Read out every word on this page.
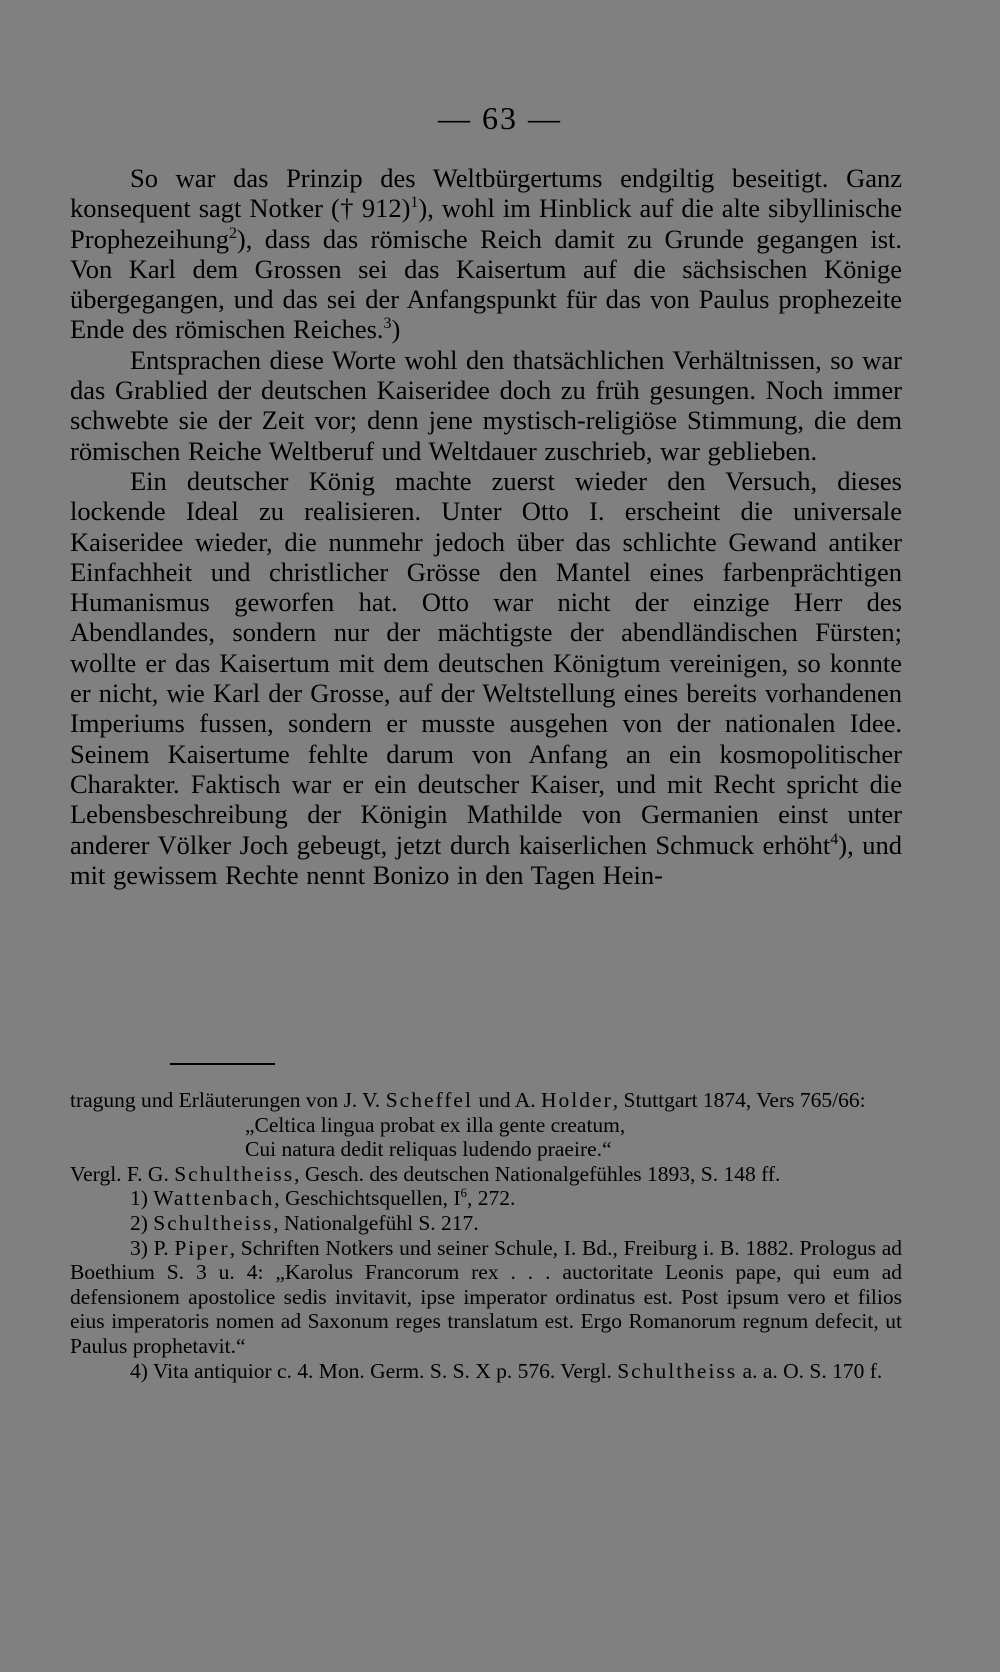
— 63 —

So war das Prinzip des Weltbürgertums endgiltig beseitigt. Ganz konsequent sagt Notker († 912)$^1$), wohl im Hinblick auf die alte sibyllinische Prophezeihung$^2$), dass das römische Reich damit zu Grunde gegangen ist. Von Karl dem Grossen sei das Kaisertum auf die sächsischen Könige übergegangen, und das sei der Anfangspunkt für das von Paulus prophezeite Ende des römischen Reiches.$^3$)

Entsprachen diese Worte wohl den thatsächlichen Verhältnissen, so war das Grablied der deutschen Kaiseridee doch zu früh gesungen. Noch immer schwebte sie der Zeit vor; denn jene mystisch-religiöse Stimmung, die dem römischen Reiche Weltberuf und Weltdauer zuschrieb, war geblieben.

Ein deutscher König machte zuerst wieder den Versuch, dieses lockende Ideal zu realisieren. Unter Otto I. erscheint die universale Kaiseridee wieder, die nunmehr jedoch über das schlichte Gewand antiker Einfachheit und christlicher Grösse den Mantel eines farbenprächtigen Humanismus geworfen hat. Otto war nicht der einzige Herr des Abendlandes, sondern nur der mächtigste der abendländischen Fürsten; wollte er das Kaisertum mit dem deutschen Königtum vereinigen, so konnte er nicht, wie Karl der Grosse, auf der Weltstellung eines bereits vorhandenen Imperiums fussen, sondern er musste ausgehen von der nationalen Idee. Seinem Kaisertume fehlte darum von Anfang an ein kosmopolitischer Charakter. Faktisch war er ein deutscher Kaiser, und mit Recht spricht die Lebensbeschreibung der Königin Mathilde von Germanien einst unter anderer Völker Joch gebeugt, jetzt durch kaiserlichen Schmuck erhöht$^4$), und mit gewissem Rechte nennt Bonizo in den Tagen Hein-

tragung und Erläuterungen von J. V. Scheffel und A. Holder, Stuttgart 1874, Vers 765/66:

„Celtica lingua probat ex illa gente creatum,

Cui natura dedit reliquas ludendo praeire.“

Vergl. F. G. Schultheiss, Gesch. des deutschen Nationalgefühles 1893, S. 148 ff.

1) Wattenbach, Geschichtsquellen, $I^6$, 272.

2) Schultheiss, Nationalgefühl S. 217.

3) P. Piper, Schriften Notkers und seiner Schule, I. Bd., Freiburg i. B. 1882. Prologus ad Boethium S. 3 u. 4: „Karolus Francorum rex . . . auctoritate Leonis pape, qui eum ad defensionem apostolice sedis invitavit, ipse imperator ordinatus est. Post ipsum vero et filios eius imperatoris nomen ad Saxonum reges translatum est. Ergo Romanorum regnum defecit, ut Paulus prophetavit.“

4) Vita antiquior c. 4. Mon. Germ. S. S. X p. 576. Vergl. Schultheiss a. a. O. S. 170 f.
